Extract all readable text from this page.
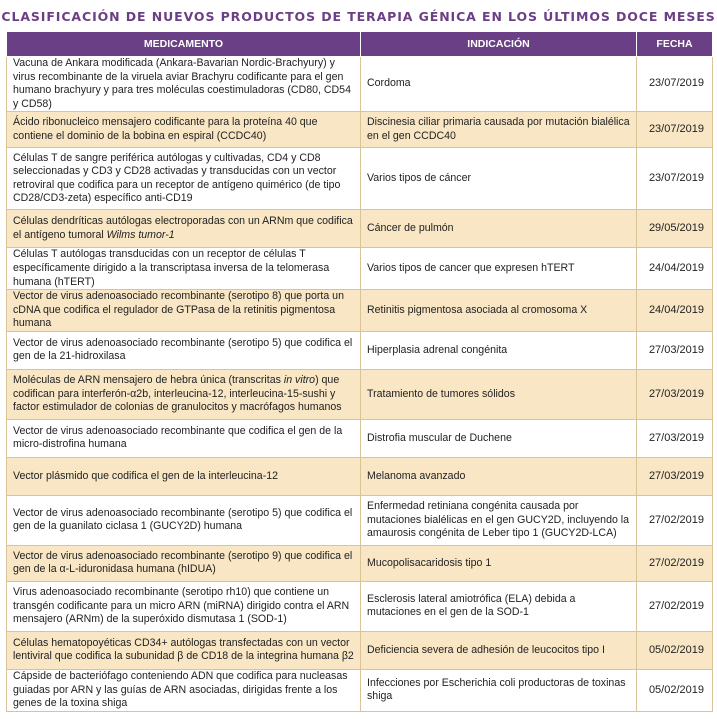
CLASIFICACIÓN DE NUEVOS PRODUCTOS DE TERAPIA GÉNICA EN LOS ÚLTIMOS DOCE MESES
MEDICAMENTO	INDICACIÓN	FECHA
Vacuna de Ankara modificada (Ankara-Bavarian Nordic-Brachyury) y virus recombinante de la viruela aviar Brachyru codificante para el gen humano brachyury y para tres moléculas coestimuladoras (CD80, CD54 y CD58)	Cordoma	23/07/2019
Ácido ribonucleico mensajero codificante para la proteína 40 que contiene el dominio de la bobina en espiral (CCDC40)	Discinesia ciliar primaria causada por mutación bialélica en el gen CCDC40	23/07/2019
Células T de sangre periférica autólogas y cultivadas, CD4 y CD8 seleccionadas y CD3 y CD28 activadas y transducidas con un vector retroviral que codifica para un receptor de antígeno quimérico (de tipo CD28/CD3-zeta) específico anti-CD19	Varios tipos de cáncer	23/07/2019
Células dendríticas autólogas electroporadas con un ARNm que codifica el antígeno tumoral Wilms tumor-1	Cáncer de pulmón	29/05/2019
Células T autólogas transducidas con un receptor de células T específicamente dirigido a la transcriptasa inversa de la telomerasa humana (hTERT)	Varios tipos de cancer que expresen hTERT	24/04/2019
Vector de virus adenoasociado recombinante (serotipo 8) que porta un cDNA que codifica el regulador de GTPasa de la retinitis pigmentosa humana	Retinitis pigmentosa asociada al cromosoma X	24/04/2019
Vector de virus adenoasociado recombinante (serotipo 5) que codifica el gen de la 21-hidroxilasa	Hiperplasia adrenal congénita	27/03/2019
Moléculas de ARN mensajero de hebra única (transcritas in vitro) que codifican para interferón-α2b, interleucina-12, interleucina-15-sushi y factor estimulador de colonias de granulocitos y macrófagos humanos	Tratamiento de tumores sólidos	27/03/2019
Vector de virus adenoasociado recombinante que codifica el gen de la micro-distrofina humana	Distrofia muscular de Duchene	27/03/2019
Vector plásmido que codifica el gen de la interleucina-12	Melanoma avanzado	27/03/2019
Vector de virus adenoasociado recombinante (serotipo 5) que codifica el gen de la guanilato ciclasa 1 (GUCY2D) humana	Enfermedad retiniana congénita causada por mutaciones bialélicas en el gen GUCY2D, incluyendo la amaurosis congénita de Leber tipo 1 (GUCY2D-LCA)	27/02/2019
Vector de virus adenoasociado recombinante (serotipo 9) que codifica el gen de la α-L-iduronidasa humana (hIDUA)	Mucopolisacaridosis tipo 1	27/02/2019
Virus adenoasociado recombinante (serotipo rh10) que contiene un transgén codificante para un micro ARN (miRNA) dirigido contra el ARN mensajero (ARNm) de la superóxido dismutasa 1 (SOD-1)	Esclerosis lateral amiotrófica (ELA) debida a mutaciones en el gen de la SOD-1	27/02/2019
Células hematopoyéticas CD34+ autólogas transfectadas con un vector lentiviral que codifica la subunidad β de CD18 de la integrina humana β2	Deficiencia severa de adhesión de leucocitos tipo I	05/02/2019
Cápside de bacteriófago conteniendo ADN que codifica para nucleasas guiadas por ARN y las guías de ARN asociadas, dirigidas frente a los genes de la toxina shiga	Infecciones por Escherichia coli productoras de toxinas shiga	05/02/2019
